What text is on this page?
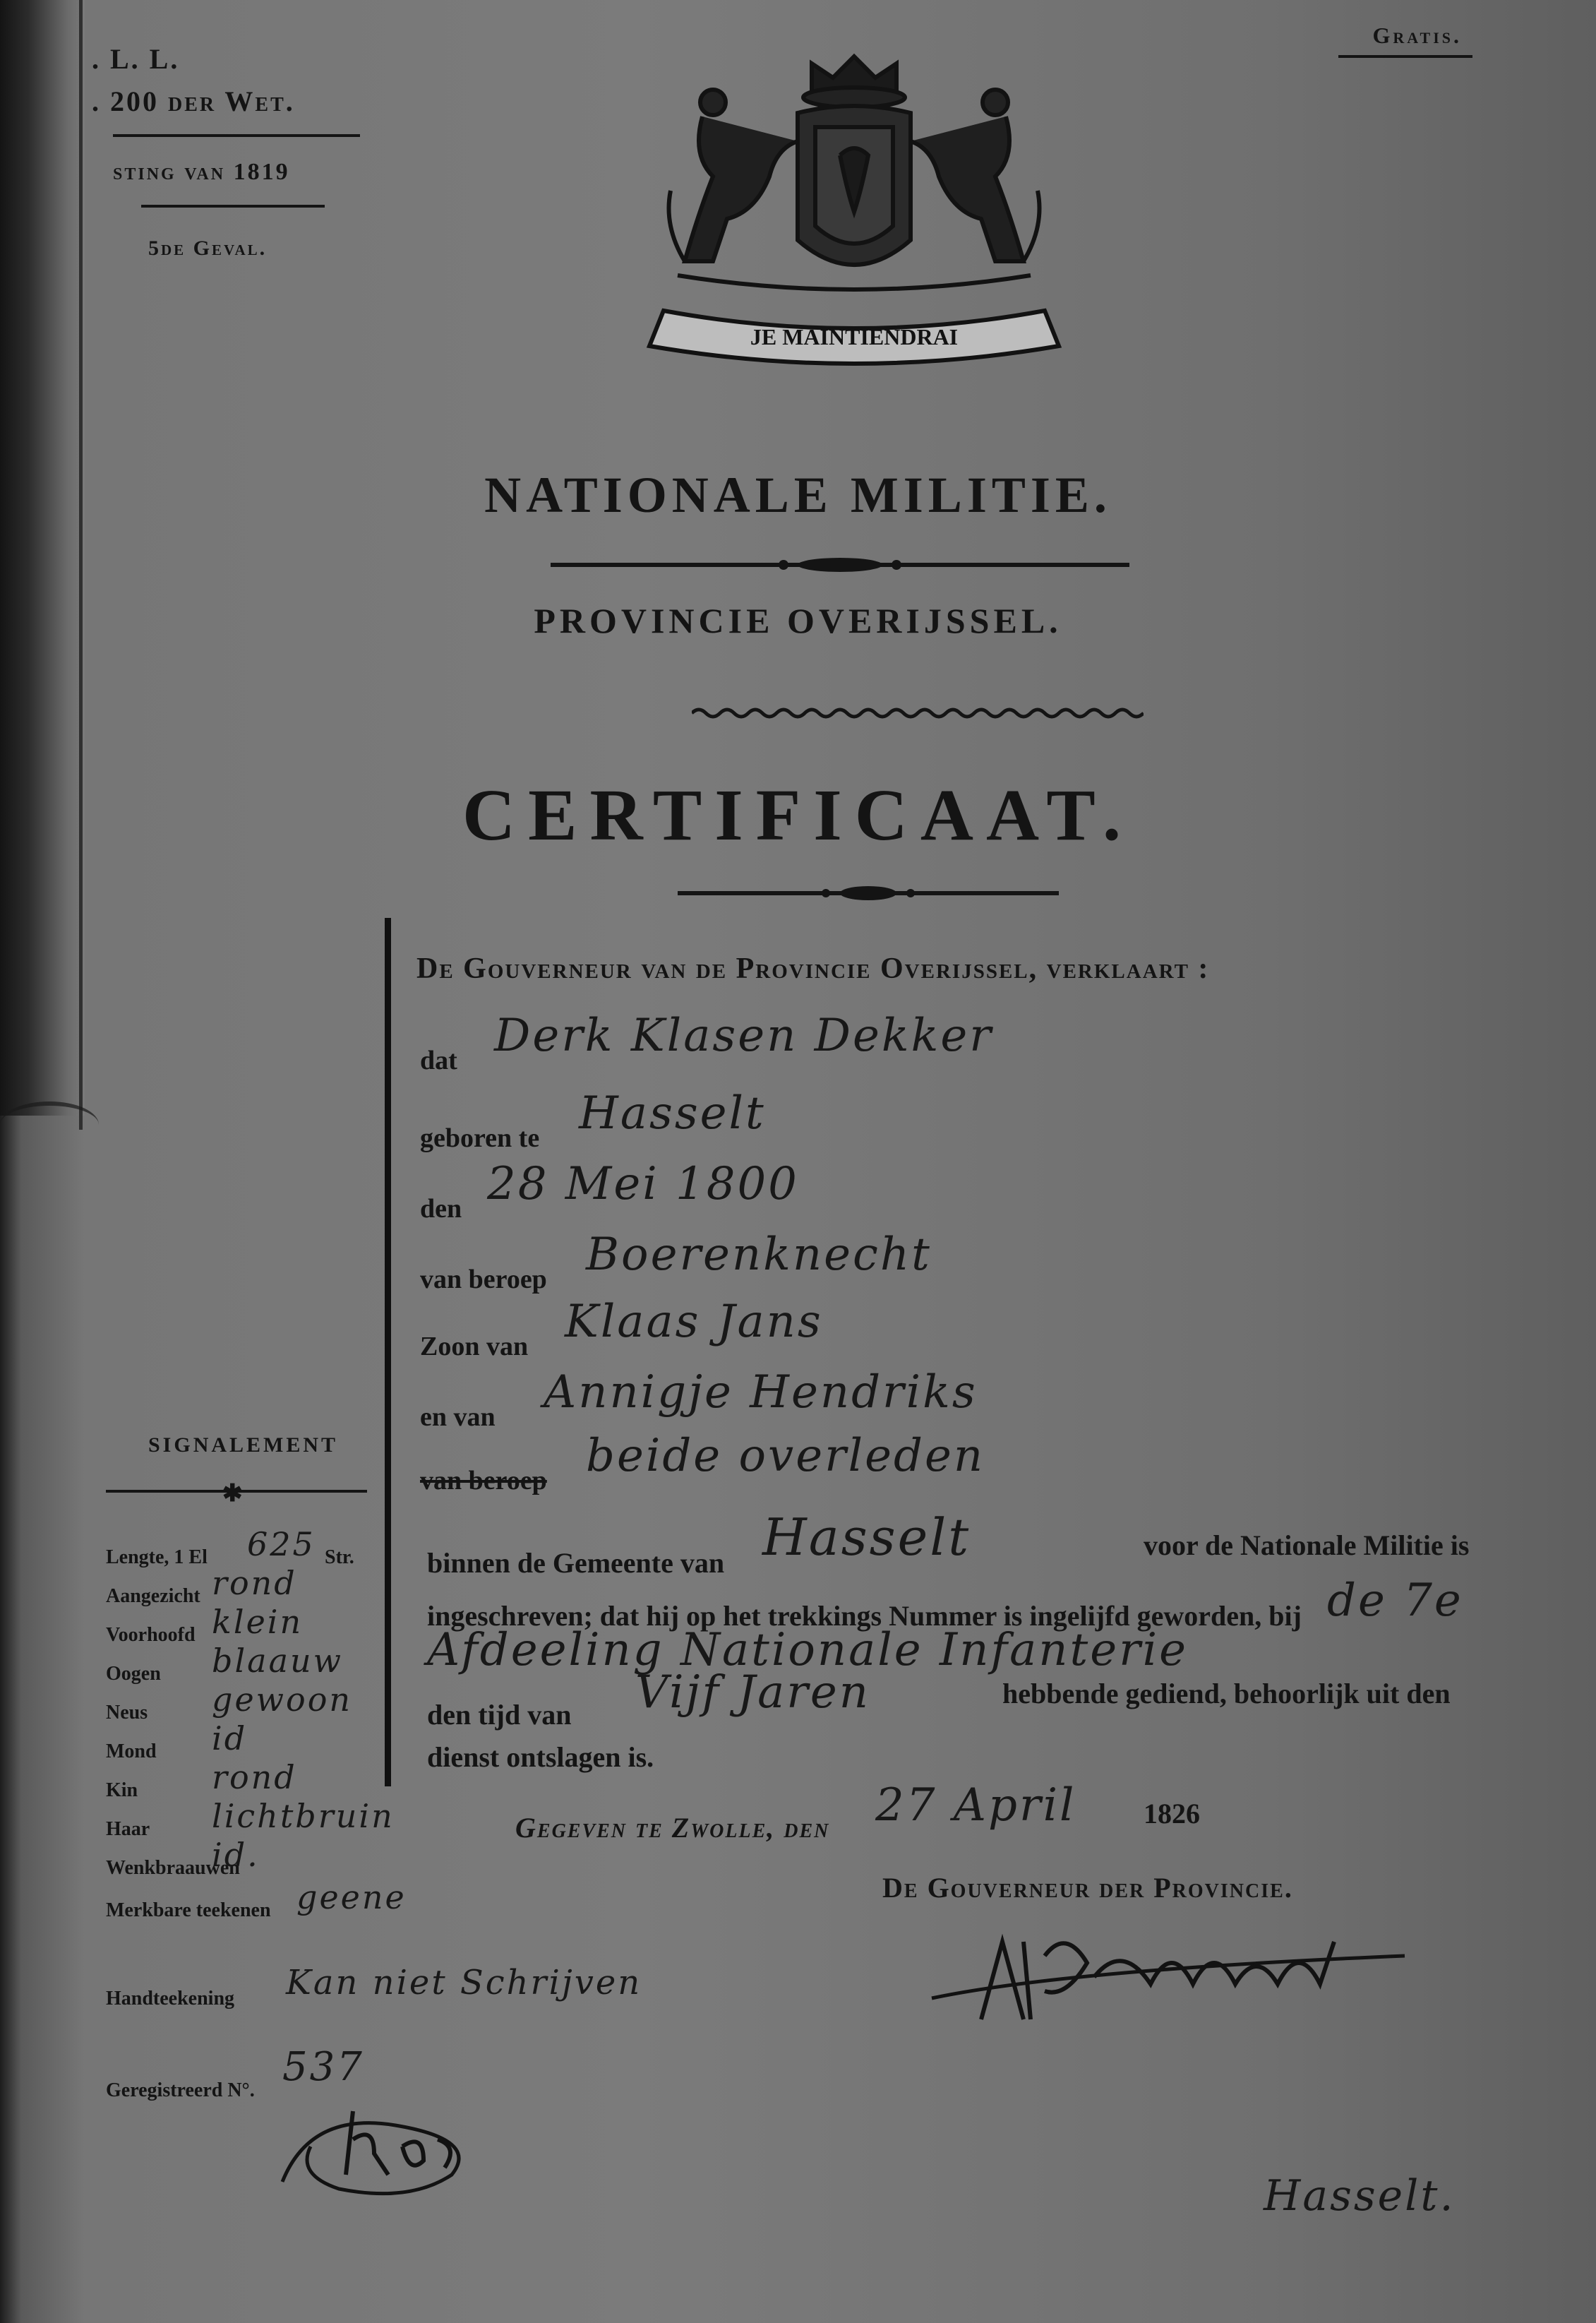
. L. L.
. 200 der Wet.
sting van 1819
5de Geval.
Gratis.
JE MAINTIENDRAI
NATIONALE MILITIE.
PROVINCIE OVERIJSSEL.
CERTIFICAAT.
De Gouverneur van de Provincie Overijssel, verklaart :
dat Derk Klasen Dekker
geboren te Hasselt
den 28 Mei 1800
van beroep Boerenknecht
Zoon van Klaas Jans
en van Annigje Hendriks
van beroep beide overleden
binnen de Gemeente van Hasselt	voor de Nationale Militie is
ingeschreven; dat hij op het trekkings Nummer is ingelijfd geworden, bij de 7e
Afdeeling Nationale Infanterie
den tijd van Vijf Jaren	hebbende gediend, behoorlijk uit den
dienst ontslagen is.
Gegeven te Zwolle, den 27 April 1826
De Gouverneur der Provincie.
SIGNALEMENT
✱
Lengte, 1 El 625 Str.
Aangezicht rond
Voorhoofd klein
Oogen blaauw
Neus gewoon
Mond id
Kin rond
Haar lichtbruin
Wenkbraauwen
id.
Merkbare teekenen geene
Handteekening Kan niet Schrijven
Geregistreerd N°.
537
Hasselt.
